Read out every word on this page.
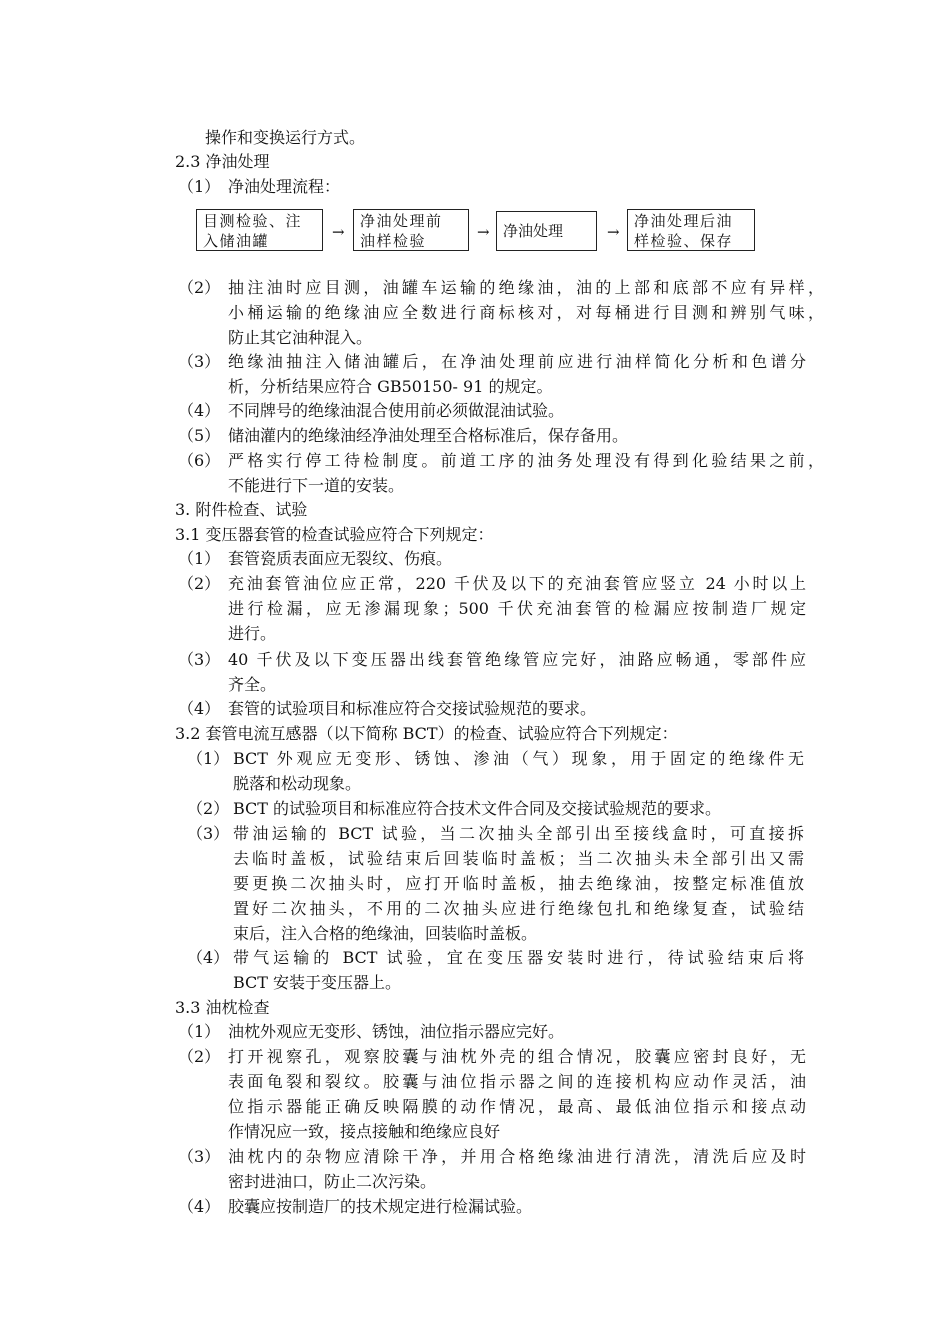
操作和变换运行方式。
2.3 净油处理
（1） 净油处理流程：
目测检验、注
入储油罐	→
净油处理前
油样检验	→ 净油处理	→
净油处理后油
样检验、保存
（2） 抽注油时应目测，油罐车运输的绝缘油，油的上部和底部不应有异样，
小桶运输的绝缘油应全数进行商标核对，对每桶进行目测和辨别气味，
防止其它油种混入。
（3） 绝缘油抽注入储油罐后，在净油处理前应进行油样简化分析和色谱分
析，分析结果应符合 GB50150- 91 的规定。
（4） 不同牌号的绝缘油混合使用前必须做混油试验。
（5） 储油灌内的绝缘油经净油处理至合格标准后，保存备用。
（6） 严格实行停工待检制度。前道工序的油务处理没有得到化验结果之前，
不能进行下一道的安装。
3. 附件检查、试验
3.1 变压器套管的检查试验应符合下列规定：
（1） 套管瓷质表面应无裂纹、伤痕。
（2） 充油套管油位应正常，220 千伏及以下的充油套管应竖立 24 小时以上
进行检漏，应无渗漏现象；500 千伏充油套管的检漏应按制造厂规定
进行。
（3） 40 千伏及以下变压器出线套管绝缘管应完好，油路应畅通，零部件应
齐全。
（4） 套管的试验项目和标准应符合交接试验规范的要求。
3.2 套管电流互感器（以下简称 BCT）的检查、试验应符合下列规定：
（1） BCT 外观应无变形、锈蚀、渗油（气）现象，用于固定的绝缘件无
脱落和松动现象。
（2） BCT 的试验项目和标准应符合技术文件合同及交接试验规范的要求。
（3） 带油运输的 BCT 试验，当二次抽头全部引出至接线盒时，可直接拆
去临时盖板，试验结束后回装临时盖板；当二次抽头未全部引出又需
要更换二次抽头时，应打开临时盖板，抽去绝缘油，按整定标准值放
置好二次抽头，不用的二次抽头应进行绝缘包扎和绝缘复查，试验结
束后，注入合格的绝缘油，回装临时盖板。
（4） 带气运输的 BCT 试验，宜在变压器安装时进行，待试验结束后将
BCT 安装于变压器上。
3.3 油枕检查
（1） 油枕外观应无变形、锈蚀，油位指示器应完好。
（2） 打开视察孔，观察胶囊与油枕外壳的组合情况，胶囊应密封良好，无
表面龟裂和裂纹。胶囊与油位指示器之间的连接机构应动作灵活，油
位指示器能正确反映隔膜的动作情况，最高、最低油位指示和接点动
作情况应一致，接点接触和绝缘应良好
（3） 油枕内的杂物应清除干净，并用合格绝缘油进行清洗，清洗后应及时
密封进油口，防止二次污染。
（4） 胶囊应按制造厂的技术规定进行检漏试验。
